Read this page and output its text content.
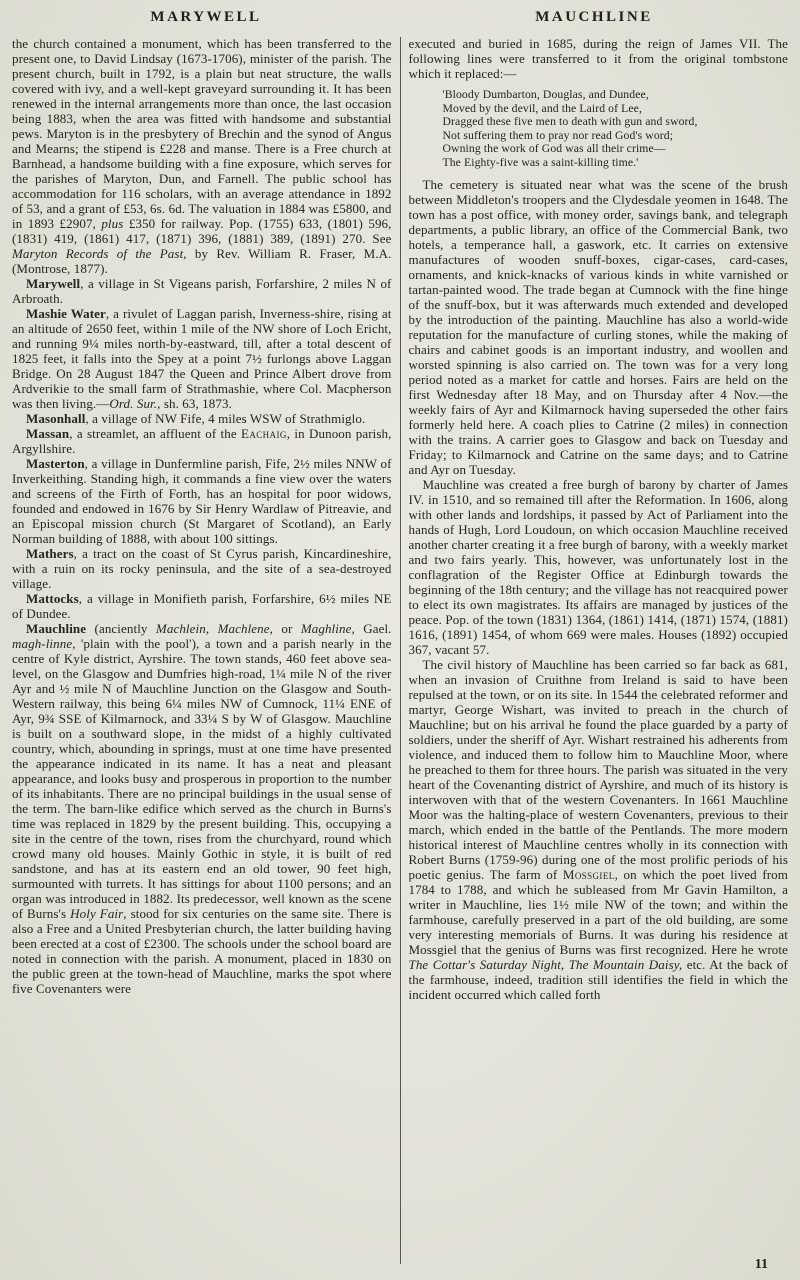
MARYWELL	MAUCHLINE

the church contained a monument, which has been transferred to the present one, to David Lindsay (1673-1706), minister of the parish. The present church, built in 1792, is a plain but neat structure, the walls covered with ivy, and a well-kept graveyard surrounding it. It has been renewed in the internal arrangements more than once, the last occasion being 1883, when the area was fitted with handsome and substantial pews. Maryton is in the presbytery of Brechin and the synod of Angus and Mearns; the stipend is £228 and manse. There is a Free church at Barnhead, a handsome building with a fine exposure, which serves for the parishes of Maryton, Dun, and Farnell. The public school has accommodation for 116 scholars, with an average attendance in 1892 of 53, and a grant of £53, 6s. 6d. The valuation in 1884 was £5800, and in 1893 £2907, plus £350 for railway. Pop. (1755) 633, (1801) 596, (1831) 419, (1861) 417, (1871) 396, (1881) 389, (1891) 270. See Maryton Records of the Past, by Rev. William R. Fraser, M.A. (Montrose, 1877).

Marywell, a village in St Vigeans parish, Forfarshire, 2 miles N of Arbroath.

Mashie Water, a rivulet of Laggan parish, Inverness-shire, rising at an altitude of 2650 feet, within 1 mile of the NW shore of Loch Ericht, and running 9¼ miles north-by-eastward, till, after a total descent of 1825 feet, it falls into the Spey at a point 7½ furlongs above Laggan Bridge. On 28 August 1847 the Queen and Prince Albert drove from Ardverikie to the small farm of Strathmashie, where Col. Macpherson was then living.—Ord. Sur., sh. 63, 1873.

Masonhall, a village of NW Fife, 4 miles WSW of Strathmiglo.

Massan, a streamlet, an affluent of the Eachaig, in Dunoon parish, Argyllshire.

Masterton, a village in Dunfermline parish, Fife, 2½ miles NNW of Inverkeithing. Standing high, it commands a fine view over the waters and screens of the Firth of Forth, has an hospital for poor widows, founded and endowed in 1676 by Sir Henry Wardlaw of Pitreavie, and an Episcopal mission church (St Margaret of Scotland), an Early Norman building of 1888, with about 100 sittings.

Mathers, a tract on the coast of St Cyrus parish, Kincardineshire, with a ruin on its rocky peninsula, and the site of a sea-destroyed village.

Mattocks, a village in Monifieth parish, Forfarshire, 6½ miles NE of Dundee.

Mauchline (anciently Machlein, Machlene, or Maghline, Gael. magh-linne, 'plain with the pool'), a town and a parish nearly in the centre of Kyle district, Ayrshire. The town stands, 460 feet above sea-level, on the Glasgow and Dumfries high-road, 1¼ mile N of the river Ayr and ½ mile N of Mauchline Junction on the Glasgow and South-Western railway, this being 6¼ miles NW of Cumnock, 11¼ ENE of Ayr, 9¾ SSE of Kilmarnock, and 33¼ S by W of Glasgow. Mauchline is built on a southward slope, in the midst of a highly cultivated country, which, abounding in springs, must at one time have presented the appearance indicated in its name. It has a neat and pleasant appearance, and looks busy and prosperous in proportion to the number of its inhabitants. There are no principal buildings in the usual sense of the term. The barn-like edifice which served as the church in Burns's time was replaced in 1829 by the present building. This, occupying a site in the centre of the town, rises from the churchyard, round which crowd many old houses. Mainly Gothic in style, it is built of red sandstone, and has at its eastern end an old tower, 90 feet high, surmounted with turrets. It has sittings for about 1100 persons; and an organ was introduced in 1882. Its predecessor, well known as the scene of Burns's Holy Fair, stood for six centuries on the same site. There is also a Free and a United Presbyterian church, the latter building having been erected at a cost of £2300. The schools under the school board are noted in connection with the parish. A monument, placed in 1830 on the public green at the town-head of Mauchline, marks the spot where five Covenanters were

executed and buried in 1685, during the reign of James VII. The following lines were transferred to it from the original tombstone which it replaced:—

'Bloody Dumbarton, Douglas, and Dundee,
Moved by the devil, and the Laird of Lee,
Dragged these five men to death with gun and sword,
Not suffering them to pray nor read God's word;
Owning the work of God was all their crime—
The Eighty-five was a saint-killing time.'

The cemetery is situated near what was the scene of the brush between Middleton's troopers and the Clydesdale yeomen in 1648. The town has a post office, with money order, savings bank, and telegraph departments, a public library, an office of the Commercial Bank, two hotels, a temperance hall, a gaswork, etc. It carries on extensive manufactures of wooden snuff-boxes, cigar-cases, card-cases, ornaments, and knick-knacks of various kinds in white varnished or tartan-painted wood. The trade began at Cumnock with the fine hinge of the snuff-box, but it was afterwards much extended and developed by the introduction of the painting. Mauchline has also a world-wide reputation for the manufacture of curling stones, while the making of chairs and cabinet goods is an important industry, and woollen and worsted spinning is also carried on. The town was for a very long period noted as a market for cattle and horses. Fairs are held on the first Wednesday after 18 May, and on Thursday after 4 Nov.—the weekly fairs of Ayr and Kilmarnock having superseded the other fairs formerly held here. A coach plies to Catrine (2 miles) in connection with the trains. A carrier goes to Glasgow and back on Tuesday and Friday; to Kilmarnock and Catrine on the same days; and to Catrine and Ayr on Tuesday.

Mauchline was created a free burgh of barony by charter of James IV. in 1510, and so remained till after the Reformation. In 1606, along with other lands and lordships, it passed by Act of Parliament into the hands of Hugh, Lord Loudoun, on which occasion Mauchline received another charter creating it a free burgh of barony, with a weekly market and two fairs yearly. This, however, was unfortunately lost in the conflagration of the Register Office at Edinburgh towards the beginning of the 18th century; and the village has not reacquired power to elect its own magistrates. Its affairs are managed by justices of the peace. Pop. of the town (1831) 1364, (1861) 1414, (1871) 1574, (1881) 1616, (1891) 1454, of whom 669 were males. Houses (1892) occupied 367, vacant 57.

The civil history of Mauchline has been carried so far back as 681, when an invasion of Cruithne from Ireland is said to have been repulsed at the town, or on its site. In 1544 the celebrated reformer and martyr, George Wishart, was invited to preach in the church of Mauchline; but on his arrival he found the place guarded by a party of soldiers, under the sheriff of Ayr. Wishart restrained his adherents from violence, and induced them to follow him to Mauchline Moor, where he preached to them for three hours. The parish was situated in the very heart of the Covenanting district of Ayrshire, and much of its history is interwoven with that of the western Covenanters. In 1661 Mauchline Moor was the halting-place of western Covenanters, previous to their march, which ended in the battle of the Pentlands. The more modern historical interest of Mauchline centres wholly in its connection with Robert Burns (1759-96) during one of the most prolific periods of his poetic genius. The farm of Mossgiel, on which the poet lived from 1784 to 1788, and which he subleased from Mr Gavin Hamilton, a writer in Mauchline, lies 1½ mile NW of the town; and within the farmhouse, carefully preserved in a part of the old building, are some very interesting memorials of Burns. It was during his residence at Mossgiel that the genius of Burns was first recognized. Here he wrote The Cottar's Saturday Night, The Mountain Daisy, etc. At the back of the farmhouse, indeed, tradition still identifies the field in which the incident occurred which called forth

11
